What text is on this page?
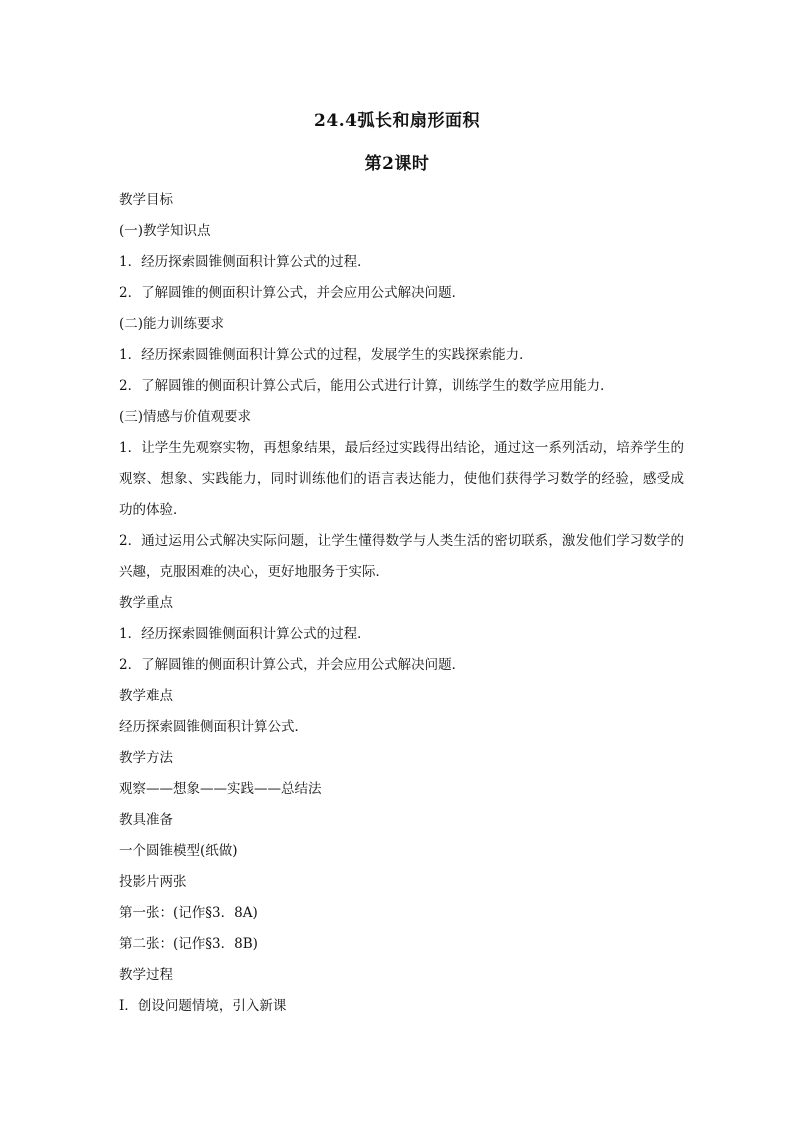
24.4弧长和扇形面积
第2课时
教学目标
(一)教学知识点
1．经历探索圆锥侧面积计算公式的过程．
2．了解圆锥的侧面积计算公式，并会应用公式解决问题．
(二)能力训练要求
1．经历探索圆锥侧面积计算公式的过程，发展学生的实践探索能力．
2．了解圆锥的侧面积计算公式后，能用公式进行计算，训练学生的数学应用能力．
(三)情感与价值观要求
1．让学生先观察实物，再想象结果，最后经过实践得出结论，通过这一系列活动，培养学生的观察、想象、实践能力，同时训练他们的语言表达能力，使他们获得学习数学的经验，感受成功的体验．
2．通过运用公式解决实际问题，让学生懂得数学与人类生活的密切联系，激发他们学习数学的兴趣，克服困难的决心，更好地服务于实际．
教学重点
1．经历探索圆锥侧面积计算公式的过程．
2．了解圆锥的侧面积计算公式，并会应用公式解决问题．
教学难点
经历探索圆锥侧面积计算公式．
教学方法
观察——想象——实践——总结法
教具准备
一个圆锥模型(纸做)
投影片两张
第一张：(记作§3．8A)
第二张：(记作§3．8B)
教学过程
Ⅰ．创设问题情境，引入新课
